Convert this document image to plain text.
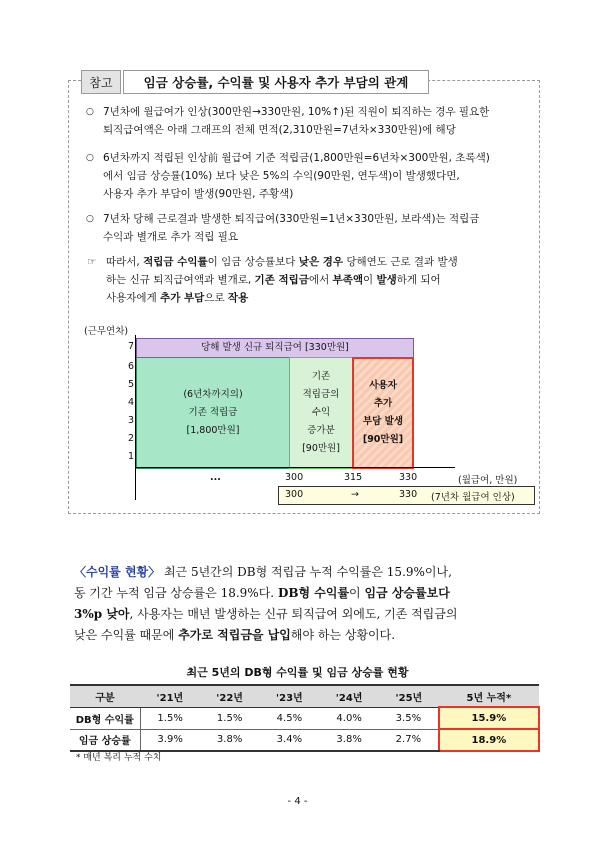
참고	임금 상승률, 수익률 및 사용자 추가 부담의 관계
○ 7년차에 월급여가 인상(300만원→330만원, 10%↑)된 직원이 퇴직하는 경우 필요한
퇴직급여액은 아래 그래프의 전체 면적(2,310만원=7년차×330만원)에 해당
○ 6년차까지 적립된 인상前 월급여 기준 적립금(1,800만원=6년차×300만원, 초록색)
에서 임금 상승률(10%) 보다 낮은 5%의 수익(90만원, 연두색)이 발생했다면,
사용자 추가 부담이 발생(90만원, 주황색)
○ 7년차 당해 근로결과 발생한 퇴직급여(330만원=1년×330만원, 보라색)는 적립금
수익과 별개로 추가 적립 필요
☞ 따라서, 적립금 수익률이 임금 상승률보다 낮은 경우 당해연도 근로 결과 발생
하는 신규 퇴직급여액과 별개로, 기존 적립금에서 부족액이 발생하게 되어
사용자에게 추가 부담으로 작용
(근무연차)
7
6
5
4
3
2
1
당해 발생 신규 퇴직급여 [330만원]
(6년차까지의)
기존 적립금
[1,800만원]
기존
적립금의
수익
증가분
[90만원]
사용자
추가
부담 발생
[90만원]
...	300	315	330	(월급여, 만원)
300	→	330 (7년차 월급여 인상)
〈수익률 현황〉 최근 5년간의 DB형 적립금 누적 수익률은 15.9%이나,
동 기간 누적 임금 상승률은 18.9%다. DB형 수익률이 임금 상승률보다
3%p 낮아, 사용자는 매년 발생하는 신규 퇴직급여 외에도, 기존 적립금의
낮은 수익률 때문에 추가로 적립금을 납입해야 하는 상황이다.
최근 5년의 DB형 수익률 및 임금 상승률 현황
구분	'21년	'22년	'23년	'24년	'25년	5년 누적*
DB형 수익률	1.5%	1.5%	4.5%	4.0%	3.5%	15.9%
임금 상승률	3.9%	3.8%	3.4%	3.8%	2.7%	18.9%
* 매년 복리 누적 수치
- 4 -
